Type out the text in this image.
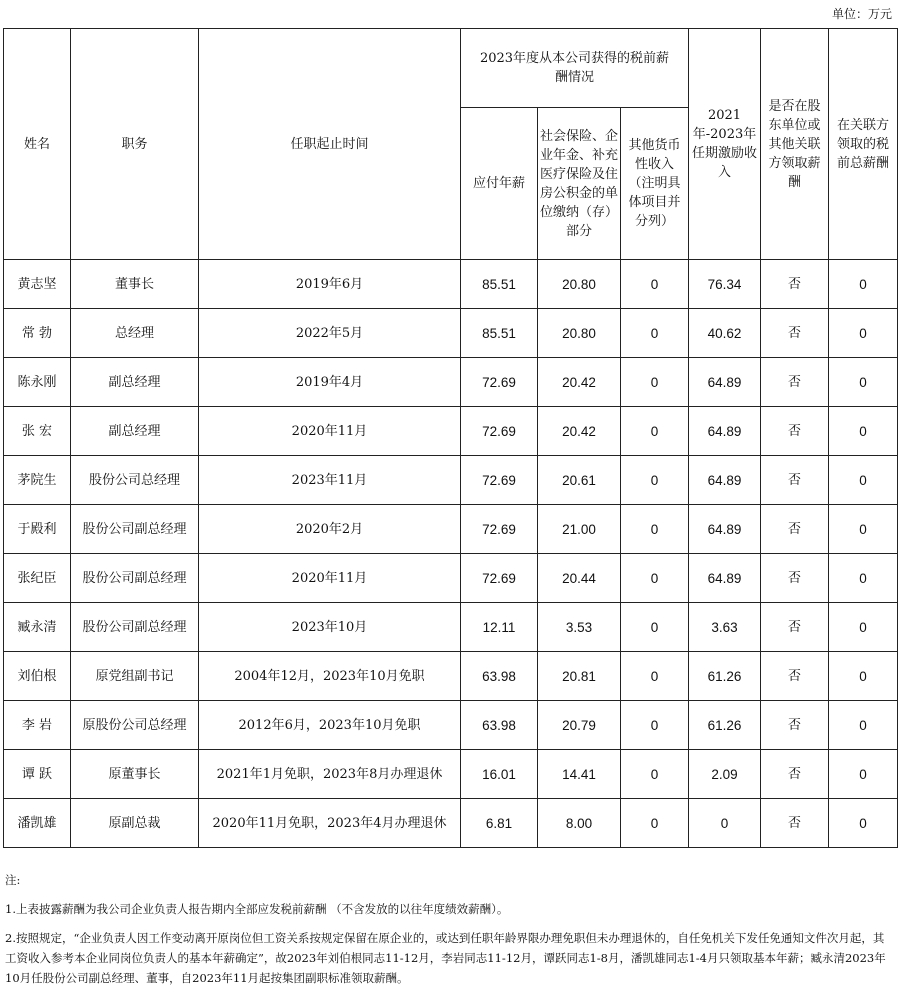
单位：万元
姓名	职务	任职起止时间	2023年度从本公司获得的税前薪酬情况			2021年-2023年任期激励收入	是否在股东单位或其他关联方领取薪酬	在关联方领取的税前总薪酬
			应付年薪	社会保险、企业年金、补充医疗保险及住房公积金的单位缴纳（存）部分	其他货币性收入（注明具体项目并分列）			
黄志坚	董事长	2019年6月	85.51	20.80	0	76.34	否	0
常 勃	总经理	2022年5月	85.51	20.80	0	40.62	否	0
陈永刚	副总经理	2019年4月	72.69	20.42	0	64.89	否	0
张 宏	副总经理	2020年11月	72.69	20.42	0	64.89	否	0
茅院生	股份公司总经理	2023年11月	72.69	20.61	0	64.89	否	0
于殿利	股份公司副总经理	2020年2月	72.69	21.00	0	64.89	否	0
张纪臣	股份公司副总经理	2020年11月	72.69	20.44	0	64.89	否	0
臧永清	股份公司副总经理	2023年10月	12.11	3.53	0	3.63	否	0
刘伯根	原党组副书记	2004年12月，2023年10月免职	63.98	20.81	0	61.26	否	0
李 岩	原股份公司总经理	2012年6月，2023年10月免职	63.98	20.79	0	61.26	否	0
谭 跃	原董事长	2021年1月免职，2023年8月办理退休	16.01	14.41	0	2.09	否	0
潘凯雄	原副总裁	2020年11月免职，2023年4月办理退休	6.81	8.00	0	0	否	0

注:

1.上表披露薪酬为我公司企业负责人报告期内全部应发税前薪酬 （不含发放的以往年度绩效薪酬）。

2.按照规定，“企业负责人因工作变动离开原岗位但工资关系按规定保留在原企业的，或达到任职年龄界限办理免职但未办理退休的，自任免机关下发任免通知文件次月起，其工资收入参考本企业同岗位负责人的基本年薪确定”，故2023年刘伯根同志11-12月，李岩同志11-12月，谭跃同志1-8月，潘凯雄同志1-4月只领取基本年薪；臧永清2023年10月任股份公司副总经理、董事，自2023年11月起按集团副职标准领取薪酬。
